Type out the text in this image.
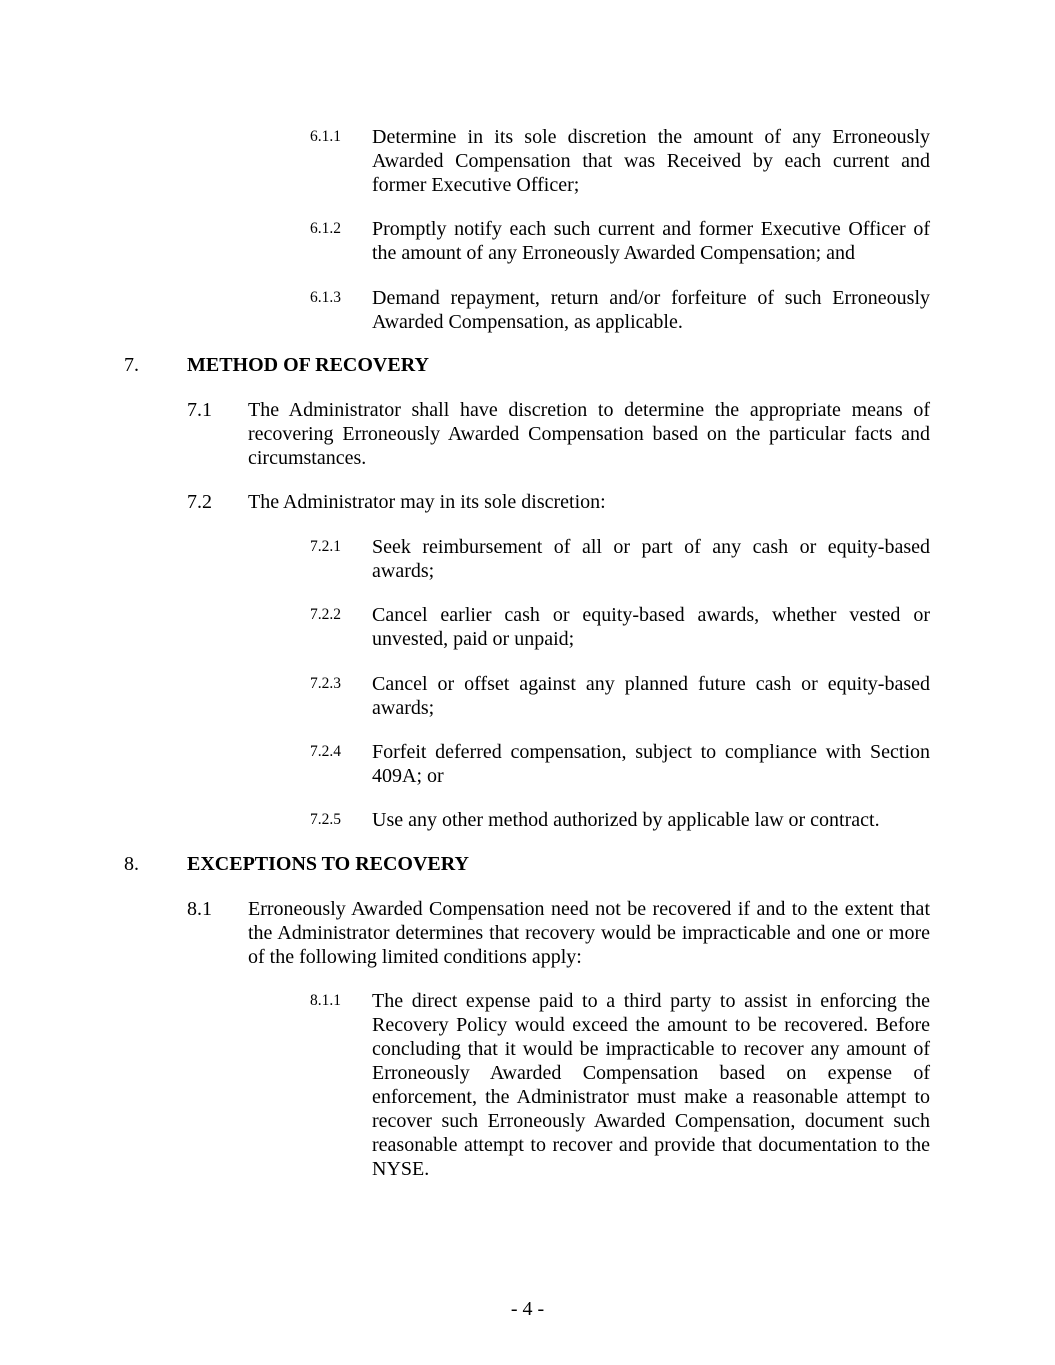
6.1.1 Determine in its sole discretion the amount of any Erroneously Awarded Compensation that was Received by each current and former Executive Officer;
6.1.2 Promptly notify each such current and former Executive Officer of the amount of any Erroneously Awarded Compensation; and
6.1.3 Demand repayment, return and/or forfeiture of such Erroneously Awarded Compensation, as applicable.
7. METHOD OF RECOVERY
7.1 The Administrator shall have discretion to determine the appropriate means of recovering Erroneously Awarded Compensation based on the particular facts and circumstances.
7.2 The Administrator may in its sole discretion:
7.2.1 Seek reimbursement of all or part of any cash or equity-based awards;
7.2.2 Cancel earlier cash or equity-based awards, whether vested or unvested, paid or unpaid;
7.2.3 Cancel or offset against any planned future cash or equity-based awards;
7.2.4 Forfeit deferred compensation, subject to compliance with Section 409A; or
7.2.5 Use any other method authorized by applicable law or contract.
8. EXCEPTIONS TO RECOVERY
8.1 Erroneously Awarded Compensation need not be recovered if and to the extent that the Administrator determines that recovery would be impracticable and one or more of the following limited conditions apply:
8.1.1 The direct expense paid to a third party to assist in enforcing the Recovery Policy would exceed the amount to be recovered. Before concluding that it would be impracticable to recover any amount of Erroneously Awarded Compensation based on expense of enforcement, the Administrator must make a reasonable attempt to recover such Erroneously Awarded Compensation, document such reasonable attempt to recover and provide that documentation to the NYSE.
- 4 -
